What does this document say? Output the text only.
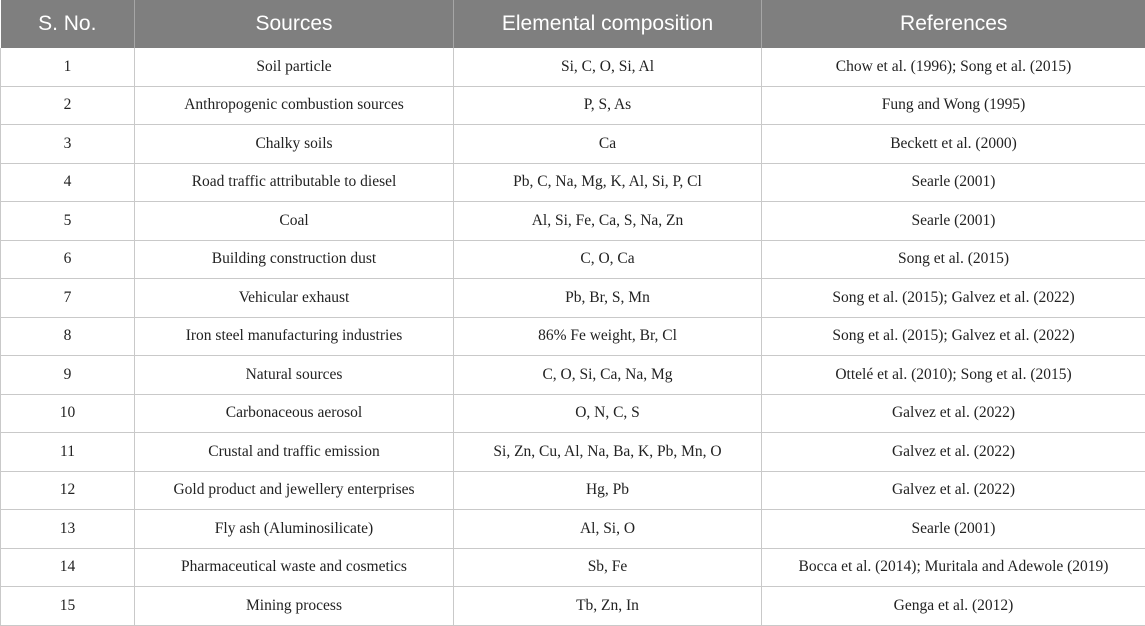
S. No.	Sources	Elemental composition	References
1	Soil particle	Si, C, O, Si, Al	Chow et al. (1996); Song et al. (2015)
2	Anthropogenic combustion sources	P, S, As	Fung and Wong (1995)
3	Chalky soils	Ca	Beckett et al. (2000)
4	Road traffic attributable to diesel	Pb, C, Na, Mg, K, Al, Si, P, Cl	Searle (2001)
5	Coal	Al, Si, Fe, Ca, S, Na, Zn	Searle (2001)
6	Building construction dust	C, O, Ca	Song et al. (2015)
7	Vehicular exhaust	Pb, Br, S, Mn	Song et al. (2015); Galvez et al. (2022)
8	Iron steel manufacturing industries	86% Fe weight, Br, Cl	Song et al. (2015); Galvez et al. (2022)
9	Natural sources	C, O, Si, Ca, Na, Mg	Ottelé et al. (2010); Song et al. (2015)
10	Carbonaceous aerosol	O, N, C, S	Galvez et al. (2022)
11	Crustal and traffic emission	Si, Zn, Cu, Al, Na, Ba, K, Pb, Mn, O	Galvez et al. (2022)
12	Gold product and jewellery enterprises	Hg, Pb	Galvez et al. (2022)
13	Fly ash (Aluminosilicate)	Al, Si, O	Searle (2001)
14	Pharmaceutical waste and cosmetics	Sb, Fe	Bocca et al. (2014); Muritala and Adewole (2019)
15	Mining process	Tb, Zn, In	Genga et al. (2012)
